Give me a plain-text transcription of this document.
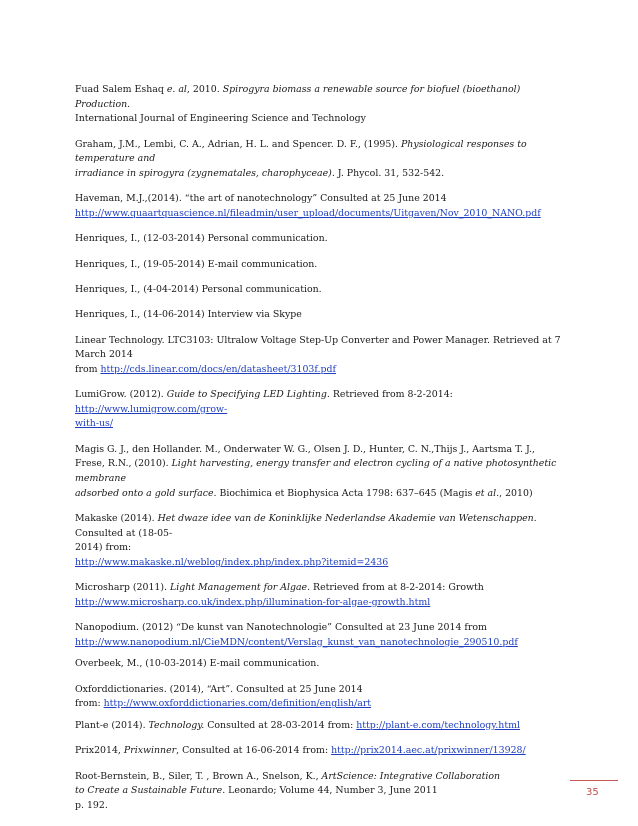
Fuad Salem Eshaq e. al, 2010. Spirogyra biomass a renewable source for biofuel (bioethanol) Production.
International Journal of Engineering Science and Technology
Graham, J.M., Lembi, C. A., Adrian, H. L. and Spencer. D. F., (1995). Physiological responses to temperature and
irradiance in spirogyra (zygnematales, charophyceae). J. Phycol. 31, 532-542.
Haveman, M.J.,(2014). “the art of nanotechnology” Consulted at 25 June 2014
http://www.quaartquascience.nl/fileadmin/user_upload/documents/Uitgaven/Nov_2010_NANO.pdf
Henriques, I., (12-03-2014) Personal communication.
Henriques, I., (19-05-2014) E-mail communication.
Henriques, I., (4-04-2014) Personal communication.
Henriques, I., (14-06-2014) Interview via Skype
Linear Technology. LTC3103: Ultralow Voltage Step-Up Converter and Power Manager. Retrieved at 7 March 2014
from http://cds.linear.com/docs/en/datasheet/3103f.pdf
LumiGrow. (2012). Guide to Specifying LED Lighting. Retrieved from 8-2-2014: http://www.lumigrow.com/grow-
with-us/
Magis G. J., den Hollander. M., Onderwater W. G., Olsen J. D., Hunter, C. N.,Thijs J., Aartsma T. J.,
Frese, R.N., (2010). Light harvesting, energy transfer and electron cycling of a native photosynthetic membrane
adsorbed onto a gold surface. Biochimica et Biophysica Acta 1798: 637–645 (Magis et al., 2010)
Makaske (2014). Het dwaze idee van de Koninklijke Nederlandse Akademie van Wetenschappen. Consulted at (18-05-
2014) from:
http://www.makaske.nl/weblog/index.php/index.php?itemid=2436
Microsharp (2011). Light Management for Algae. Retrieved from at 8-2-2014: Growth
http://www.microsharp.co.uk/index.php/illumination-for-algae-growth.html
Nanopodium. (2012) “De kunst van Nanotechnologie” Consulted at 23 June 2014 from
http://www.nanopodium.nl/CieMDN/content/Verslag_kunst_van_nanotechnologie_290510.pdf
Overbeek, M., (10-03-2014) E-mail communication.
Oxforddictionaries. (2014), “Art”. Consulted at 25 June 2014
from: http://www.oxforddictionaries.com/definition/english/art
Plant-e (2014). Technology. Consulted at 28-03-2014 from: http://plant-e.com/technology.html
Prix2014, Prixwinner, Consulted at 16-06-2014 from: http://prix2014.aec.at/prixwinner/13928/
Root-Bernstein, B., Siler, T. , Brown A., Snelson, K., ArtScience: Integrative Collaboration
to Create a Sustainable Future. Leonardo; Volume 44, Number 3, June 2011
p. 192.
35
